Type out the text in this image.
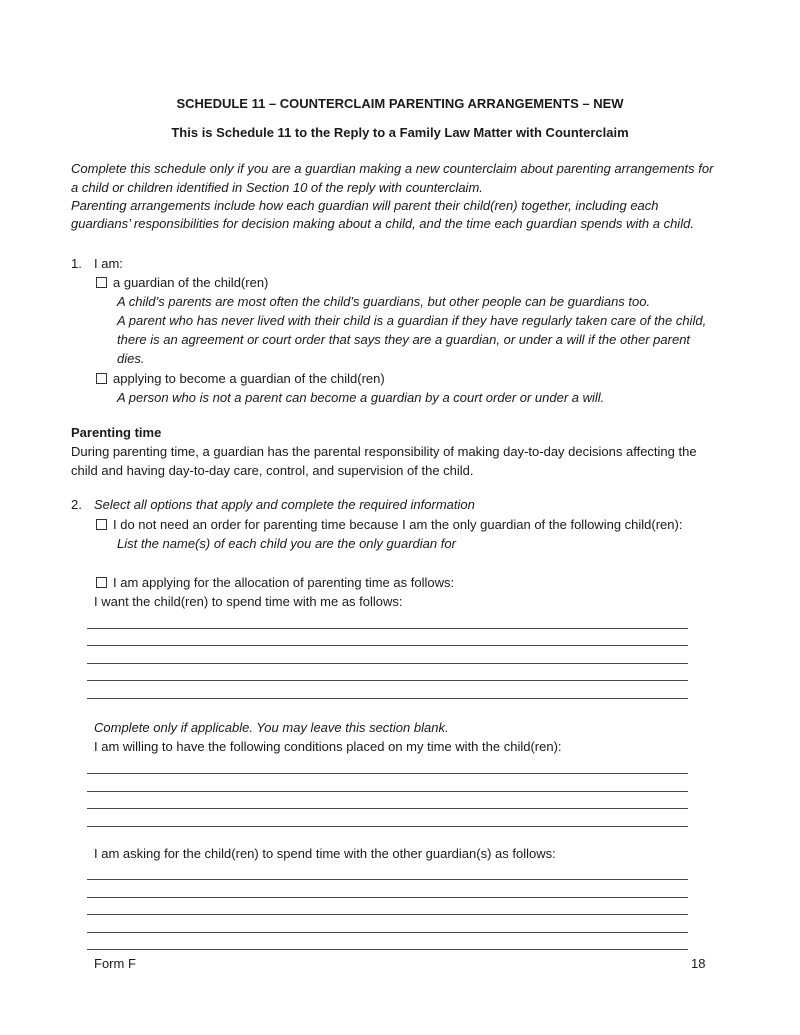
SCHEDULE 11 – COUNTERCLAIM PARENTING ARRANGEMENTS – NEW
This is Schedule 11 to the Reply to a Family Law Matter with Counterclaim
Complete this schedule only if you are a guardian making a new counterclaim about parenting arrangements for
a child or children identified in Section 10 of the reply with counterclaim.
Parenting arrangements include how each guardian will parent their child(ren) together, including each
guardians’ responsibilities for decision making about a child, and the time each guardian spends with a child.
1. I am:
a guardian of the child(ren)
A child’s parents are most often the child’s guardians, but other people can be guardians too.
A parent who has never lived with their child is a guardian if they have regularly taken care of the child,
there is an agreement or court order that says they are a guardian, or under a will if the other parent
dies.
applying to become a guardian of the child(ren)
A person who is not a parent can become a guardian by a court order or under a will.
Parenting time
During parenting time, a guardian has the parental responsibility of making day-to-day decisions affecting the
child and having day-to-day care, control, and supervision of the child.
2. Select all options that apply and complete the required information
I do not need an order for parenting time because I am the only guardian of the following child(ren):
List the name(s) of each child you are the only guardian for
I am applying for the allocation of parenting time as follows:
I want the child(ren) to spend time with me as follows:
Complete only if applicable. You may leave this section blank.
I am willing to have the following conditions placed on my time with the child(ren):
I am asking for the child(ren) to spend time with the other guardian(s) as follows:
Form F	18
